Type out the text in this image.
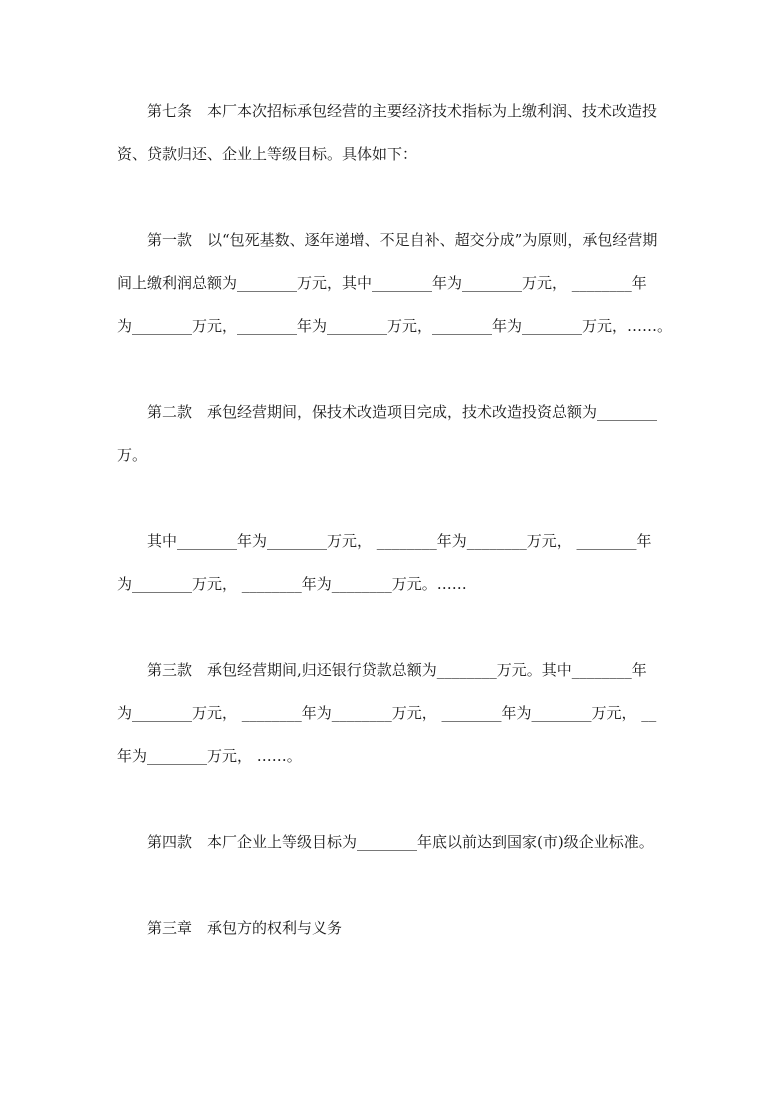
第七条　本厂本次招标承包经营的主要经济技术指标为上缴利润、技术改造投
资、贷款归还、企业上等级目标。具体如下：
第一款　以“包死基数、逐年递增、不足自补、超交分成”为原则，承包经营期
间上缴利润总额为________万元，其中________年为________万元， ________年
为________万元，________年为________万元，________年为________万元，……。
第二款　承包经营期间，保技术改造项目完成，技术改造投资总额为________
万。
其中________年为________万元， ________年为________万元， ________年
为________万元， ________年为________万元。……
第三款　承包经营期间,归还银行贷款总额为________万元。其中________年
为________万元， ________年为________万元， ________年为________万元， __
年为________万元， ……。
第四款　本厂企业上等级目标为________年底以前达到国家(市)级企业标准。
第三章　承包方的权利与义务
